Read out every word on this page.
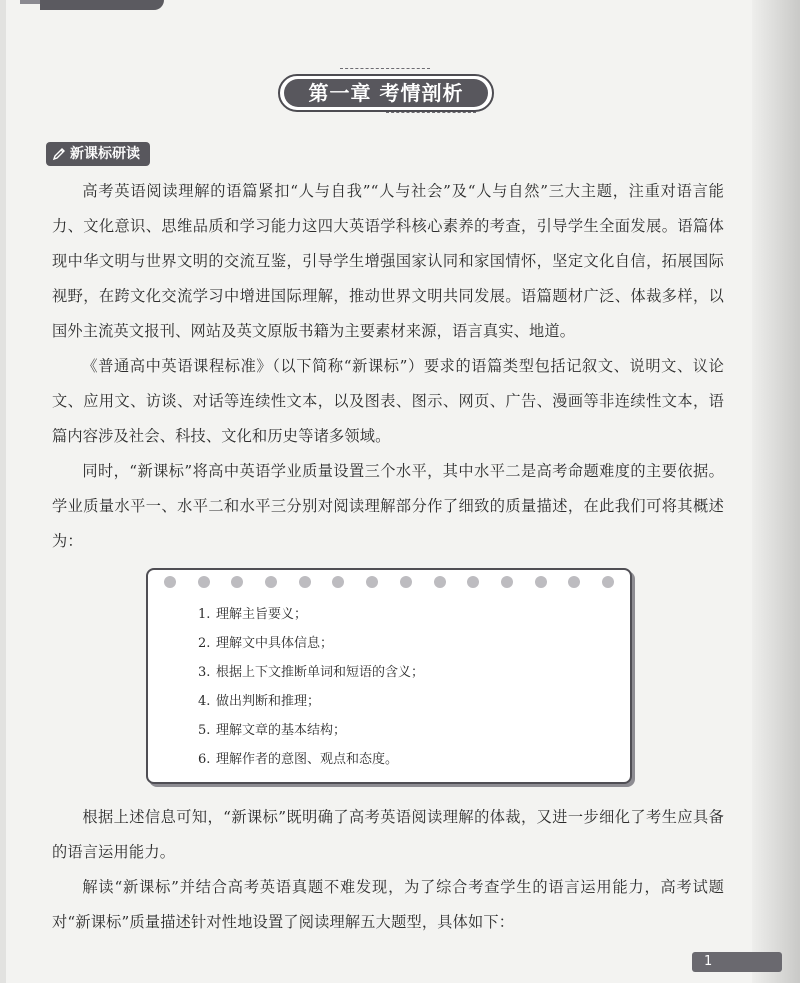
第一章 考情剖析
新课标研读

高考英语阅读理解的语篇紧扣“人与自我”“人与社会”及“人与自然”三大主题，注重对语言能力、文化意识、思维品质和学习能力这四大英语学科核心素养的考查，引导学生全面发展。语篇体现中华文明与世界文明的交流互鉴，引导学生增强国家认同和家国情怀，坚定文化自信，拓展国际视野，在跨文化交流学习中增进国际理解，推动世界文明共同发展。语篇题材广泛、体裁多样，以国外主流英文报刊、网站及英文原版书籍为主要素材来源，语言真实、地道。

《普通高中英语课程标准》（以下简称“新课标”）要求的语篇类型包括记叙文、说明文、议论文、应用文、访谈、对话等连续性文本，以及图表、图示、网页、广告、漫画等非连续性文本，语篇内容涉及社会、科技、文化和历史等诸多领域。

同时，“新课标”将高中英语学业质量设置三个水平，其中水平二是高考命题难度的主要依据。学业质量水平一、水平二和水平三分别对阅读理解部分作了细致的质量描述，在此我们可将其概述为：

1. 理解主旨要义；
2. 理解文中具体信息；
3. 根据上下文推断单词和短语的含义；
4. 做出判断和推理；
5. 理解文章的基本结构；
6. 理解作者的意图、观点和态度。

根据上述信息可知，“新课标”既明确了高考英语阅读理解的体裁，又进一步细化了考生应具备的语言运用能力。

解读“新课标”并结合高考英语真题不难发现，为了综合考查学生的语言运用能力，高考试题对“新课标”质量描述针对性地设置了阅读理解五大题型，具体如下：

1
